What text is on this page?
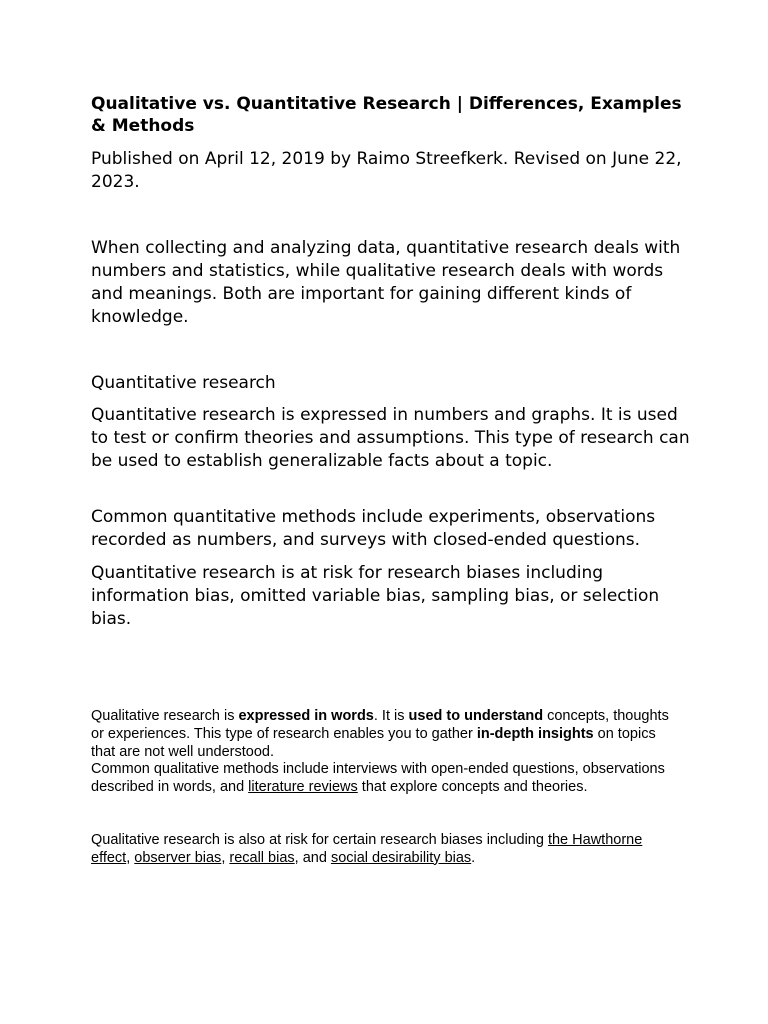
Qualitative vs. Quantitative Research | Differences, Examples & Methods

Published on April 12, 2019 by Raimo Streefkerk. Revised on June 22, 2023.

When collecting and analyzing data, quantitative research deals with numbers and statistics, while qualitative research deals with words and meanings. Both are important for gaining different kinds of knowledge.

Quantitative research

Quantitative research is expressed in numbers and graphs. It is used to test or confirm theories and assumptions. This type of research can be used to establish generalizable facts about a topic.

Common quantitative methods include experiments, observations recorded as numbers, and surveys with closed-ended questions.

Quantitative research is at risk for research biases including information bias, omitted variable bias, sampling bias, or selection bias.

Qualitative research is expressed in words. It is used to understand concepts, thoughts or experiences. This type of research enables you to gather in-depth insights on topics that are not well understood.
Common qualitative methods include interviews with open-ended questions, observations described in words, and literature reviews that explore concepts and theories.
Qualitative research is also at risk for certain research biases including the Hawthorne effect, observer bias, recall bias, and social desirability bias.
